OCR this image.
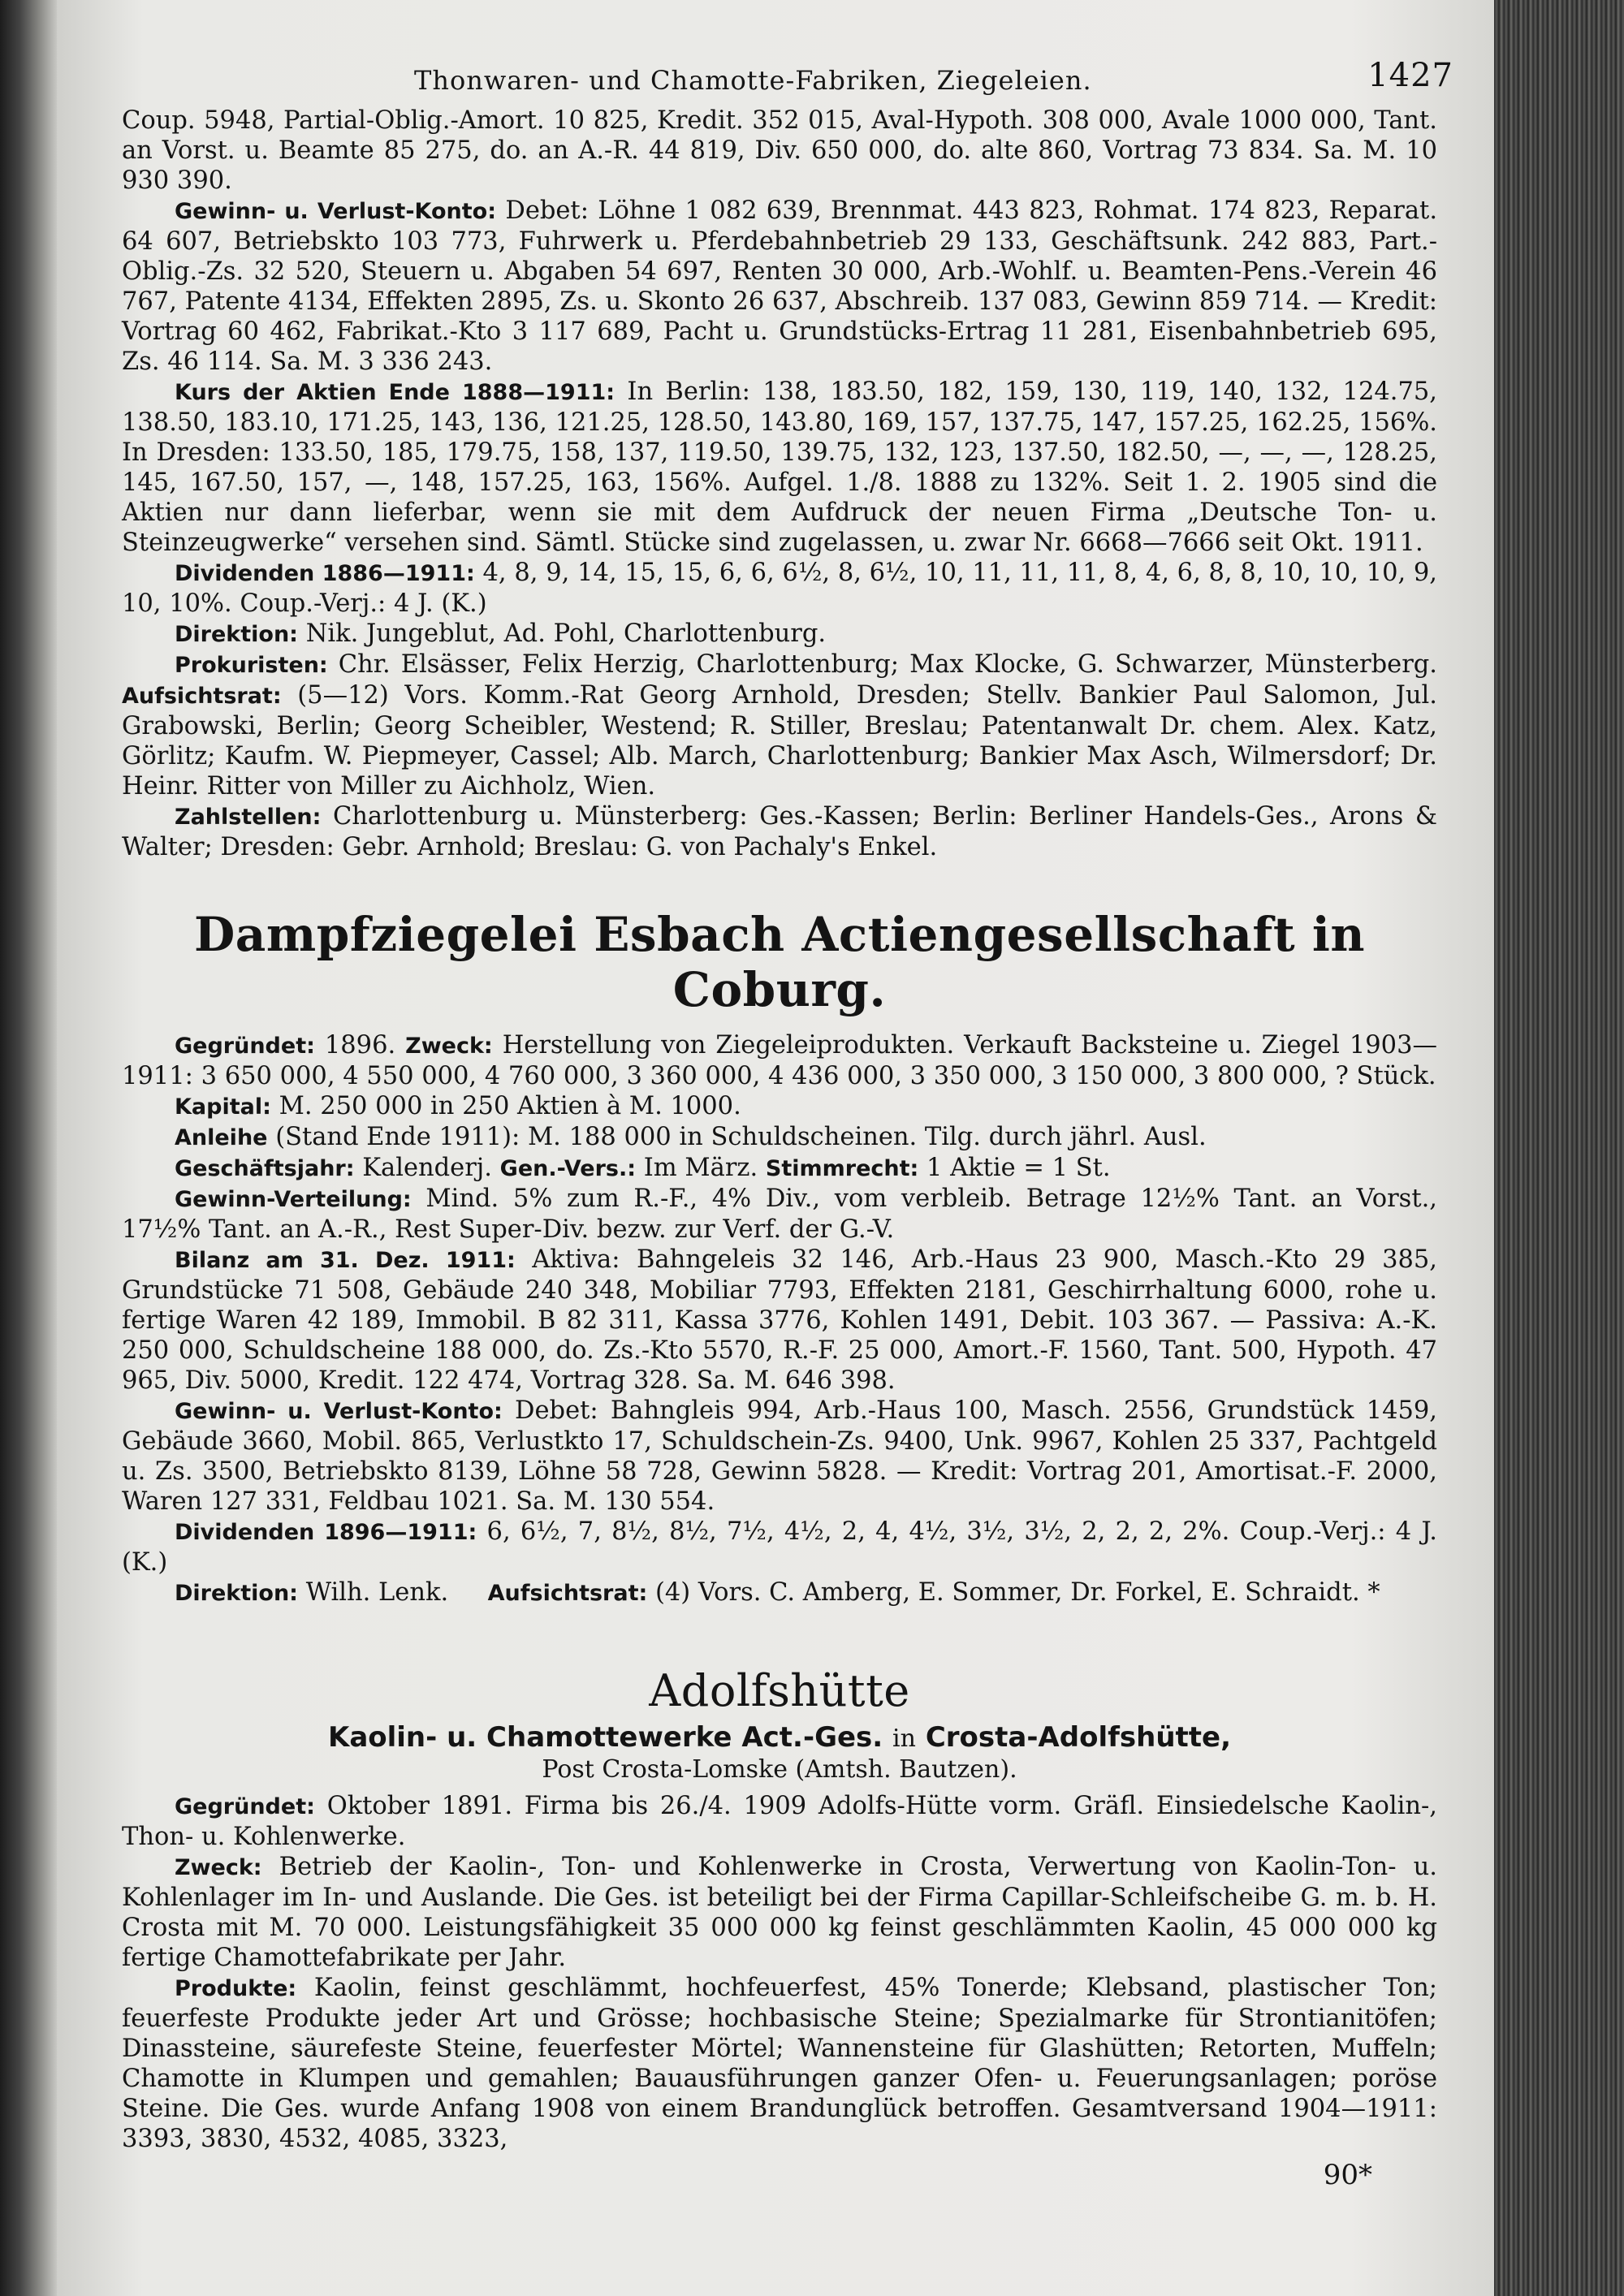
Thonwaren- und Chamotte-Fabriken, Ziegeleien.	1427

Coup. 5948, Partial-Oblig.-Amort. 10 825, Kredit. 352 015, Aval-Hypoth. 308 000, Avale 1000 000, Tant. an Vorst. u. Beamte 85 275, do. an A.-R. 44 819, Div. 650 000, do. alte 860, Vortrag 73 834. Sa. M. 10 930 390.

Gewinn- u. Verlust-Konto: Debet: Löhne 1 082 639, Brennmat. 443 823, Rohmat. 174 823, Reparat. 64 607, Betriebskto 103 773, Fuhrwerk u. Pferdebahnbetrieb 29 133, Geschäftsunk. 242 883, Part.-Oblig.-Zs. 32 520, Steuern u. Abgaben 54 697, Renten 30 000, Arb.-Wohlf. u. Beamten-Pens.-Verein 46 767, Patente 4134, Effekten 2895, Zs. u. Skonto 26 637, Abschreib. 137 083, Gewinn 859 714. — Kredit: Vortrag 60 462, Fabrikat.-Kto 3 117 689, Pacht u. Grundstücks-Ertrag 11 281, Eisenbahnbetrieb 695, Zs. 46 114. Sa. M. 3 336 243.

Kurs der Aktien Ende 1888—1911: In Berlin: 138, 183.50, 182, 159, 130, 119, 140, 132, 124.75, 138.50, 183.10, 171.25, 143, 136, 121.25, 128.50, 143.80, 169, 157, 137.75, 147, 157.25, 162.25, 156%. In Dresden: 133.50, 185, 179.75, 158, 137, 119.50, 139.75, 132, 123, 137.50, 182.50, —, —, —, 128.25, 145, 167.50, 157, —, 148, 157.25, 163, 156%. Aufgel. 1./8. 1888 zu 132%. Seit 1. 2. 1905 sind die Aktien nur dann lieferbar, wenn sie mit dem Aufdruck der neuen Firma „Deutsche Ton- u. Steinzeugwerke“ versehen sind. Sämtl. Stücke sind zugelassen, u. zwar Nr. 6668—7666 seit Okt. 1911.

Dividenden 1886—1911: 4, 8, 9, 14, 15, 15, 6, 6, 6½, 8, 6½, 10, 11, 11, 11, 8, 4, 6, 8, 8, 10, 10, 10, 9, 10, 10%. Coup.-Verj.: 4 J. (K.)

Direktion: Nik. Jungeblut, Ad. Pohl, Charlottenburg.

Prokuristen: Chr. Elsässer, Felix Herzig, Charlottenburg; Max Klocke, G. Schwarzer, Münsterberg. Aufsichtsrat: (5—12) Vors. Komm.-Rat Georg Arnhold, Dresden; Stellv. Bankier Paul Salomon, Jul. Grabowski, Berlin; Georg Scheibler, Westend; R. Stiller, Breslau; Patentanwalt Dr. chem. Alex. Katz, Görlitz; Kaufm. W. Piepmeyer, Cassel; Alb. March, Charlottenburg; Bankier Max Asch, Wilmersdorf; Dr. Heinr. Ritter von Miller zu Aichholz, Wien.

Zahlstellen: Charlottenburg u. Münsterberg: Ges.-Kassen; Berlin: Berliner Handels-Ges., Arons & Walter; Dresden: Gebr. Arnhold; Breslau: G. von Pachaly's Enkel.

Dampfziegelei Esbach Actiengesellschaft in Coburg.

Gegründet: 1896. Zweck: Herstellung von Ziegeleiprodukten. Verkauft Backsteine u. Ziegel 1903—1911: 3 650 000, 4 550 000, 4 760 000, 3 360 000, 4 436 000, 3 350 000, 3 150 000, 3 800 000, ? Stück.

Kapital: M. 250 000 in 250 Aktien à M. 1000.

Anleihe (Stand Ende 1911): M. 188 000 in Schuldscheinen. Tilg. durch jährl. Ausl.

Geschäftsjahr: Kalenderj. Gen.-Vers.: Im März. Stimmrecht: 1 Aktie = 1 St.

Gewinn-Verteilung: Mind. 5% zum R.-F., 4% Div., vom verbleib. Betrage 12½% Tant. an Vorst., 17½% Tant. an A.-R., Rest Super-Div. bezw. zur Verf. der G.-V.

Bilanz am 31. Dez. 1911: Aktiva: Bahngeleis 32 146, Arb.-Haus 23 900, Masch.-Kto 29 385, Grundstücke 71 508, Gebäude 240 348, Mobiliar 7793, Effekten 2181, Geschirrhaltung 6000, rohe u. fertige Waren 42 189, Immobil. B 82 311, Kassa 3776, Kohlen 1491, Debit. 103 367. — Passiva: A.-K. 250 000, Schuldscheine 188 000, do. Zs.-Kto 5570, R.-F. 25 000, Amort.-F. 1560, Tant. 500, Hypoth. 47 965, Div. 5000, Kredit. 122 474, Vortrag 328. Sa. M. 646 398.

Gewinn- u. Verlust-Konto: Debet: Bahngleis 994, Arb.-Haus 100, Masch. 2556, Grundstück 1459, Gebäude 3660, Mobil. 865, Verlustkto 17, Schuldschein-Zs. 9400, Unk. 9967, Kohlen 25 337, Pachtgeld u. Zs. 3500, Betriebskto 8139, Löhne 58 728, Gewinn 5828. — Kredit: Vortrag 201, Amortisat.-F. 2000, Waren 127 331, Feldbau 1021. Sa. M. 130 554.

Dividenden 1896—1911: 6, 6½, 7, 8½, 8½, 7½, 4½, 2, 4, 4½, 3½, 3½, 2, 2, 2, 2%. Coup.-Verj.: 4 J. (K.)

Direktion: Wilh. Lenk. Aufsichtsrat: (4) Vors. C. Amberg, E. Sommer, Dr. Forkel, E. Schraidt. *

Adolfshütte
Kaolin- u. Chamottewerke Act.-Ges. in Crosta-Adolfshütte,
Post Crosta-Lomske (Amtsh. Bautzen).

Gegründet: Oktober 1891. Firma bis 26./4. 1909 Adolfs-Hütte vorm. Gräfl. Einsiedelsche Kaolin-, Thon- u. Kohlenwerke.

Zweck: Betrieb der Kaolin-, Ton- und Kohlenwerke in Crosta, Verwertung von Kaolin-Ton- u. Kohlenlager im In- und Auslande. Die Ges. ist beteiligt bei der Firma Capillar-Schleifscheibe G. m. b. H. Crosta mit M. 70 000. Leistungsfähigkeit 35 000 000 kg feinst geschlämmten Kaolin, 45 000 000 kg fertige Chamottefabrikate per Jahr.

Produkte: Kaolin, feinst geschlämmt, hochfeuerfest, 45% Tonerde; Klebsand, plastischer Ton; feuerfeste Produkte jeder Art und Grösse; hochbasische Steine; Spezialmarke für Strontianitöfen; Dinassteine, säurefeste Steine, feuerfester Mörtel; Wannensteine für Glashütten; Retorten, Muffeln; Chamotte in Klumpen und gemahlen; Bauausführungen ganzer Ofen- u. Feuerungsanlagen; poröse Steine. Die Ges. wurde Anfang 1908 von einem Brandunglück betroffen. Gesamtversand 1904—1911: 3393, 3830, 4532, 4085, 3323,

90*
